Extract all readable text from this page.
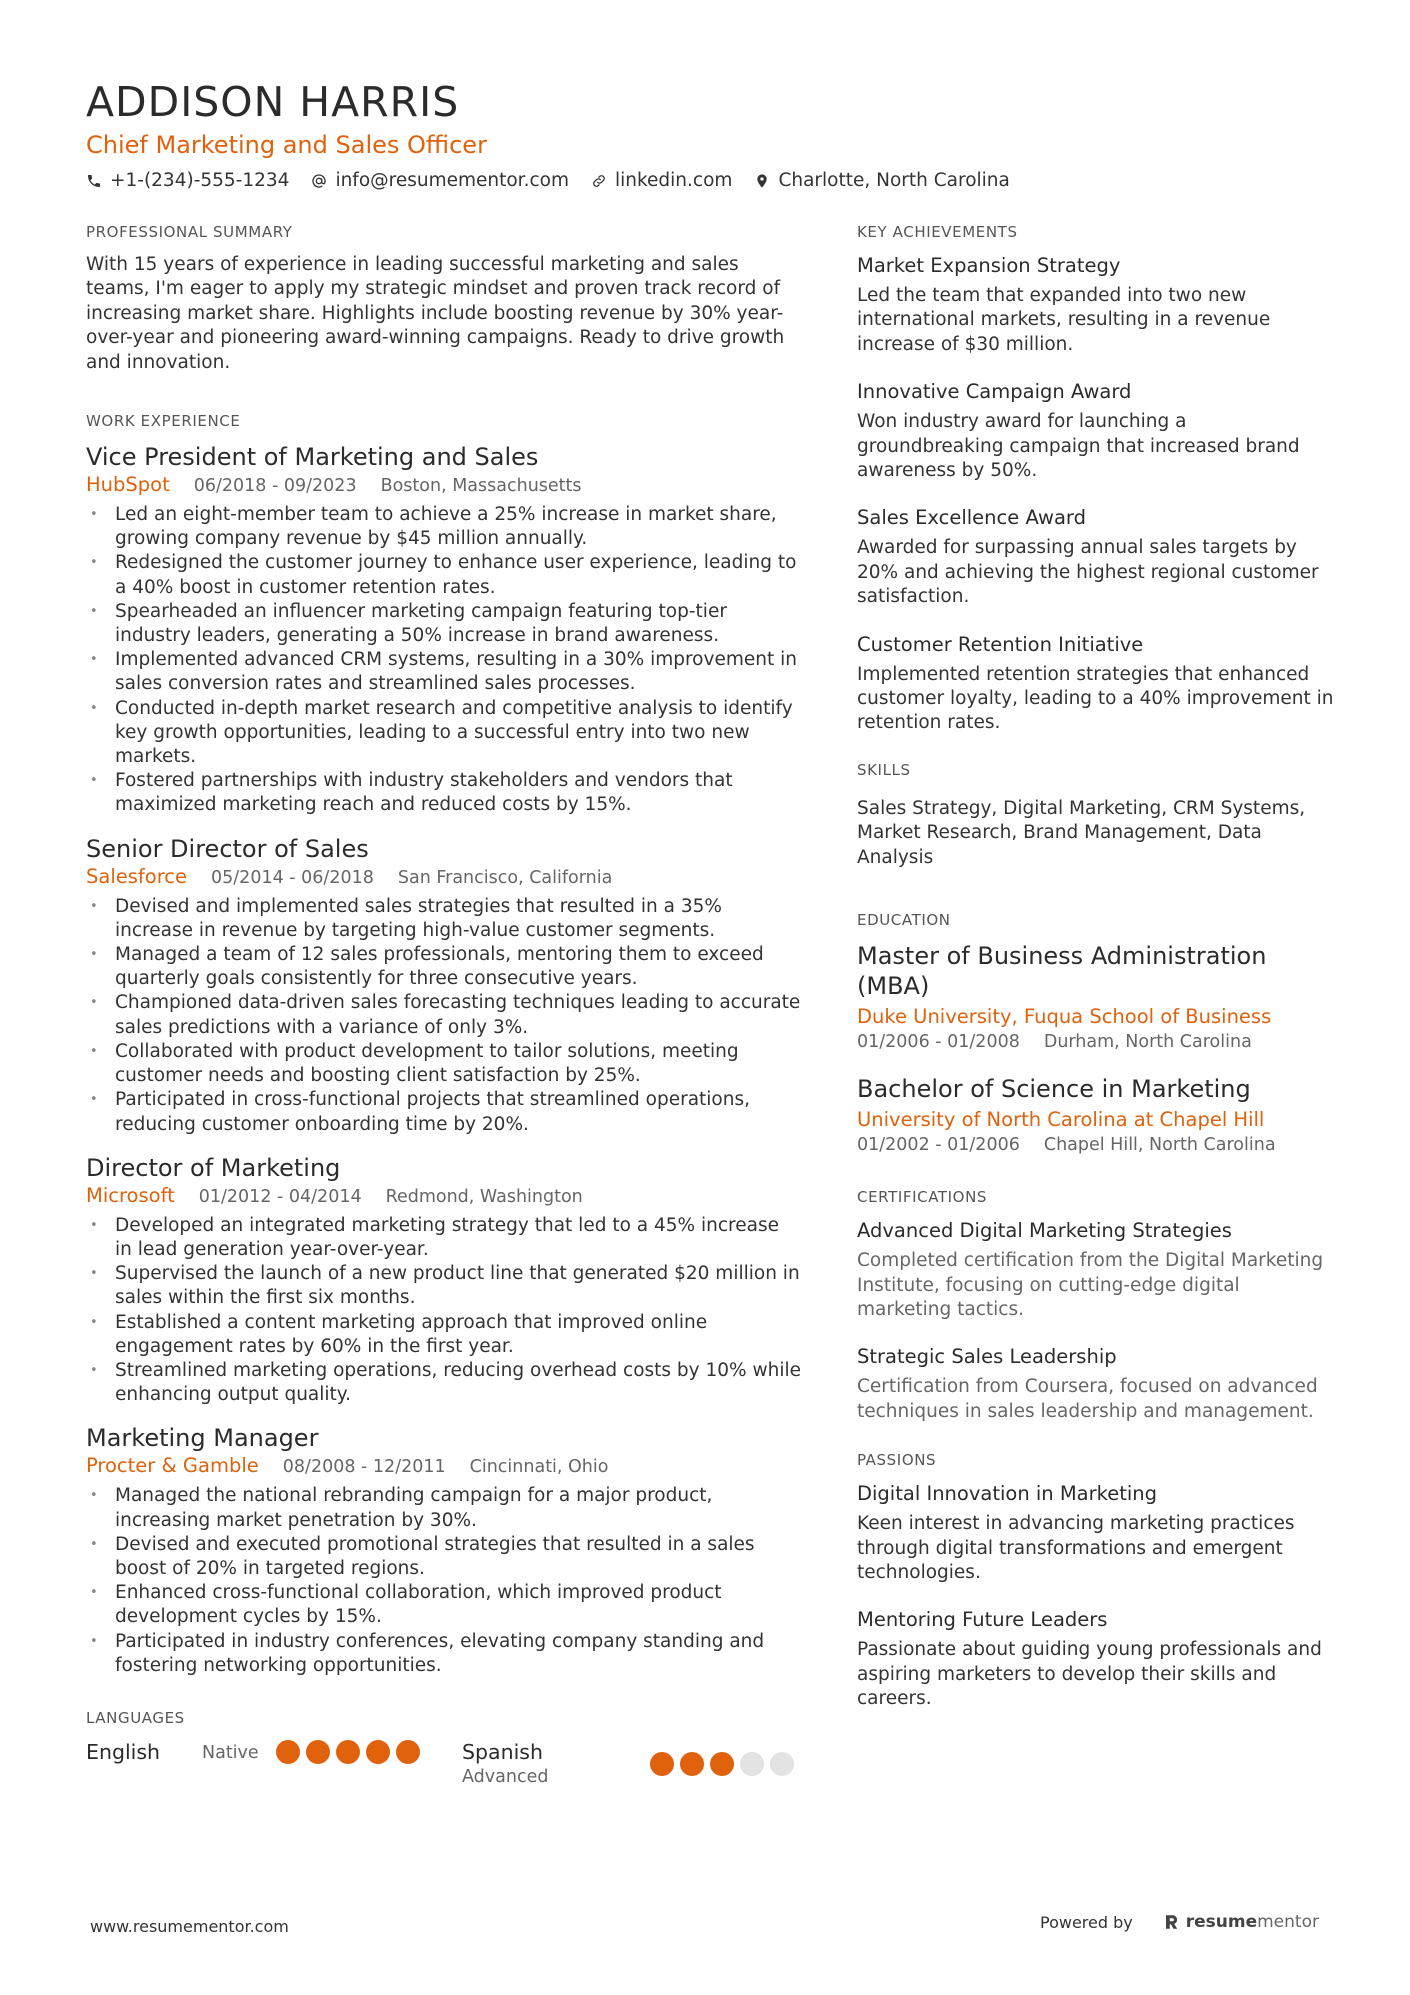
ADDISON HARRIS
Chief Marketing and Sales Officer
+1-(234)-555-1234 info@resumementor.com linkedin.com Charlotte, North Carolina
PROFESSIONAL SUMMARY
With 15 years of experience in leading successful marketing and sales teams, I'm eager to apply my strategic mindset and proven track record of increasing market share. Highlights include boosting revenue by 30% year-over-year and pioneering award-winning campaigns. Ready to drive growth and innovation.
WORK EXPERIENCE
Vice President of Marketing and Sales
HubSpot 06/2018 - 09/2023 Boston, Massachusetts
• Led an eight-member team to achieve a 25% increase in market share, growing company revenue by $45 million annually.
• Redesigned the customer journey to enhance user experience, leading to a 40% boost in customer retention rates.
• Spearheaded an influencer marketing campaign featuring top-tier industry leaders, generating a 50% increase in brand awareness.
• Implemented advanced CRM systems, resulting in a 30% improvement in sales conversion rates and streamlined sales processes.
• Conducted in-depth market research and competitive analysis to identify key growth opportunities, leading to a successful entry into two new markets.
• Fostered partnerships with industry stakeholders and vendors that maximized marketing reach and reduced costs by 15%.
Senior Director of Sales
Salesforce 05/2014 - 06/2018 San Francisco, California
• Devised and implemented sales strategies that resulted in a 35% increase in revenue by targeting high-value customer segments.
• Managed a team of 12 sales professionals, mentoring them to exceed quarterly goals consistently for three consecutive years.
• Championed data-driven sales forecasting techniques leading to accurate sales predictions with a variance of only 3%.
• Collaborated with product development to tailor solutions, meeting customer needs and boosting client satisfaction by 25%.
• Participated in cross-functional projects that streamlined operations, reducing customer onboarding time by 20%.
Director of Marketing
Microsoft 01/2012 - 04/2014 Redmond, Washington
• Developed an integrated marketing strategy that led to a 45% increase in lead generation year-over-year.
• Supervised the launch of a new product line that generated $20 million in sales within the first six months.
• Established a content marketing approach that improved online engagement rates by 60% in the first year.
• Streamlined marketing operations, reducing overhead costs by 10% while enhancing output quality.
Marketing Manager
Procter & Gamble 08/2008 - 12/2011 Cincinnati, Ohio
• Managed the national rebranding campaign for a major product, increasing market penetration by 30%.
• Devised and executed promotional strategies that resulted in a sales boost of 20% in targeted regions.
• Enhanced cross-functional collaboration, which improved product development cycles by 15%.
• Participated in industry conferences, elevating company standing and fostering networking opportunities.
LANGUAGES
English	Native	Spanish
Advanced
KEY ACHIEVEMENTS
Market Expansion Strategy
Led the team that expanded into two new international markets, resulting in a revenue increase of $30 million.
Innovative Campaign Award
Won industry award for launching a groundbreaking campaign that increased brand awareness by 50%.
Sales Excellence Award
Awarded for surpassing annual sales targets by 20% and achieving the highest regional customer satisfaction.
Customer Retention Initiative
Implemented retention strategies that enhanced customer loyalty, leading to a 40% improvement in retention rates.
SKILLS
Sales Strategy, Digital Marketing, CRM Systems, Market Research, Brand Management, Data Analysis
EDUCATION
Master of Business Administration (MBA)
Duke University, Fuqua School of Business
01/2006 - 01/2008 Durham, North Carolina
Bachelor of Science in Marketing
University of North Carolina at Chapel Hill
01/2002 - 01/2006 Chapel Hill, North Carolina
CERTIFICATIONS
Advanced Digital Marketing Strategies
Completed certification from the Digital Marketing Institute, focusing on cutting-edge digital marketing tactics.
Strategic Sales Leadership
Certification from Coursera, focused on advanced techniques in sales leadership and management.
PASSIONS
Digital Innovation in Marketing
Keen interest in advancing marketing practices through digital transformations and emergent technologies.
Mentoring Future Leaders
Passionate about guiding young professionals and aspiring marketers to develop their skills and careers.
www.resumementor.com	Powered by	resume mentor
